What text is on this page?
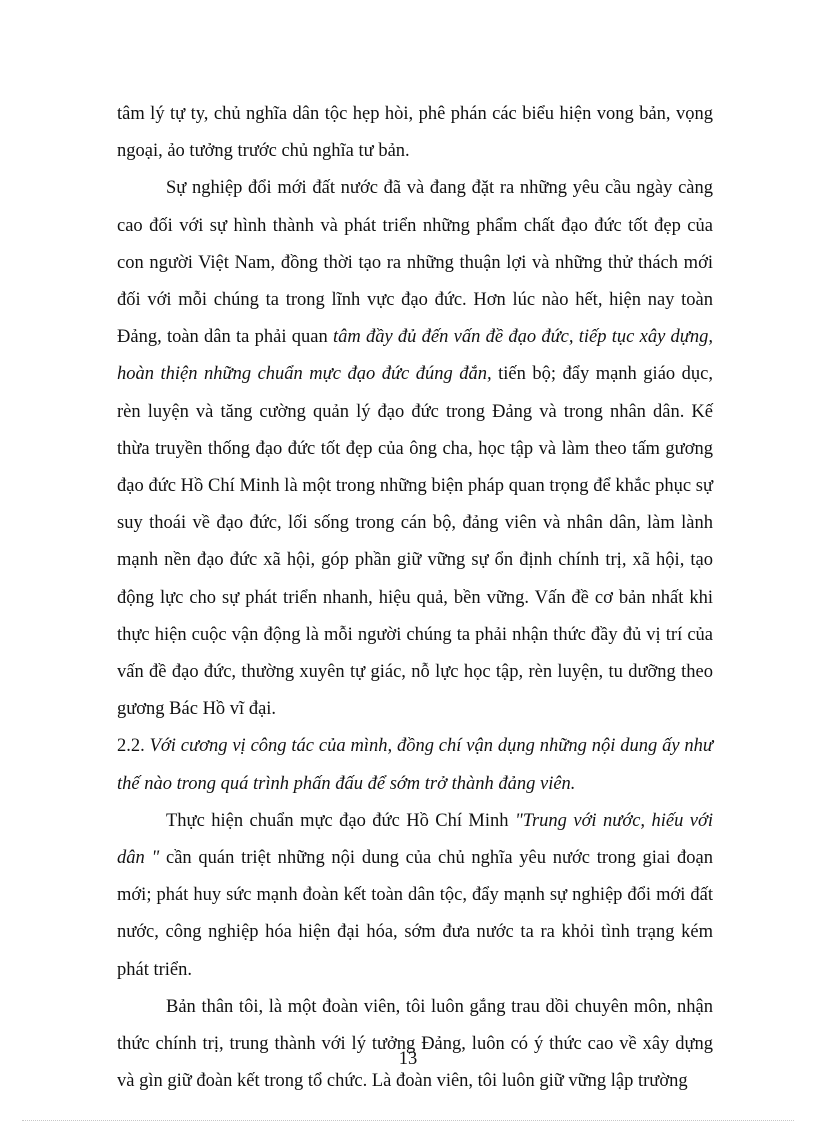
tâm lý tự ty, chủ nghĩa dân tộc hẹp hòi, phê phán các biểu hiện vong bản, vọng ngoại, ảo tưởng trước chủ nghĩa tư bản.

Sự nghiệp đổi mới đất nước đã và đang đặt ra những yêu cầu ngày càng cao đối với sự hình thành và phát triển những phẩm chất đạo đức tốt đẹp của con người Việt Nam, đồng thời tạo ra những thuận lợi và những thử thách mới đối với mỗi chúng ta trong lĩnh vực đạo đức. Hơn lúc nào hết, hiện nay toàn Đảng, toàn dân ta phải quan tâm đầy đủ đến vấn đề đạo đức, tiếp tục xây dựng, hoàn thiện những chuẩn mực đạo đức đúng đắn, tiến bộ; đẩy mạnh giáo dục, rèn luyện và tăng cường quản lý đạo đức trong Đảng và trong nhân dân. Kế thừa truyền thống đạo đức tốt đẹp của ông cha, học tập và làm theo tấm gương đạo đức Hồ Chí Minh là một trong những biện pháp quan trọng để khắc phục sự suy thoái về đạo đức, lối sống trong cán bộ, đảng viên và nhân dân, làm lành mạnh nền đạo đức xã hội, góp phần giữ vững sự ổn định chính trị, xã hội, tạo động lực cho sự phát triển nhanh, hiệu quả, bền vững. Vấn đề cơ bản nhất khi thực hiện cuộc vận động là mỗi người chúng ta phải nhận thức đầy đủ vị trí của vấn đề đạo đức, thường xuyên tự giác, nỗ lực học tập, rèn luyện, tu dưỡng theo gương Bác Hồ vĩ đại.

2.2. Với cương vị công tác của mình, đồng chí vận dụng những nội dung ấy như thế nào trong quá trình phấn đấu để sớm trở thành đảng viên.

Thực hiện chuẩn mực đạo đức Hồ Chí Minh "Trung với nước, hiếu với dân " cần quán triệt những nội dung của chủ nghĩa yêu nước trong giai đoạn mới; phát huy sức mạnh đoàn kết toàn dân tộc, đẩy mạnh sự nghiệp đổi mới đất nước, công nghiệp hóa hiện đại hóa, sớm đưa nước ta ra khỏi tình trạng kém phát triển.

Bản thân tôi, là một đoàn viên, tôi luôn gắng trau dồi chuyên môn, nhận thức chính trị, trung thành với lý tưởng Đảng, luôn có ý thức cao về xây dựng và gìn giữ đoàn kết trong tổ chức. Là đoàn viên, tôi luôn giữ vững lập trường

13
